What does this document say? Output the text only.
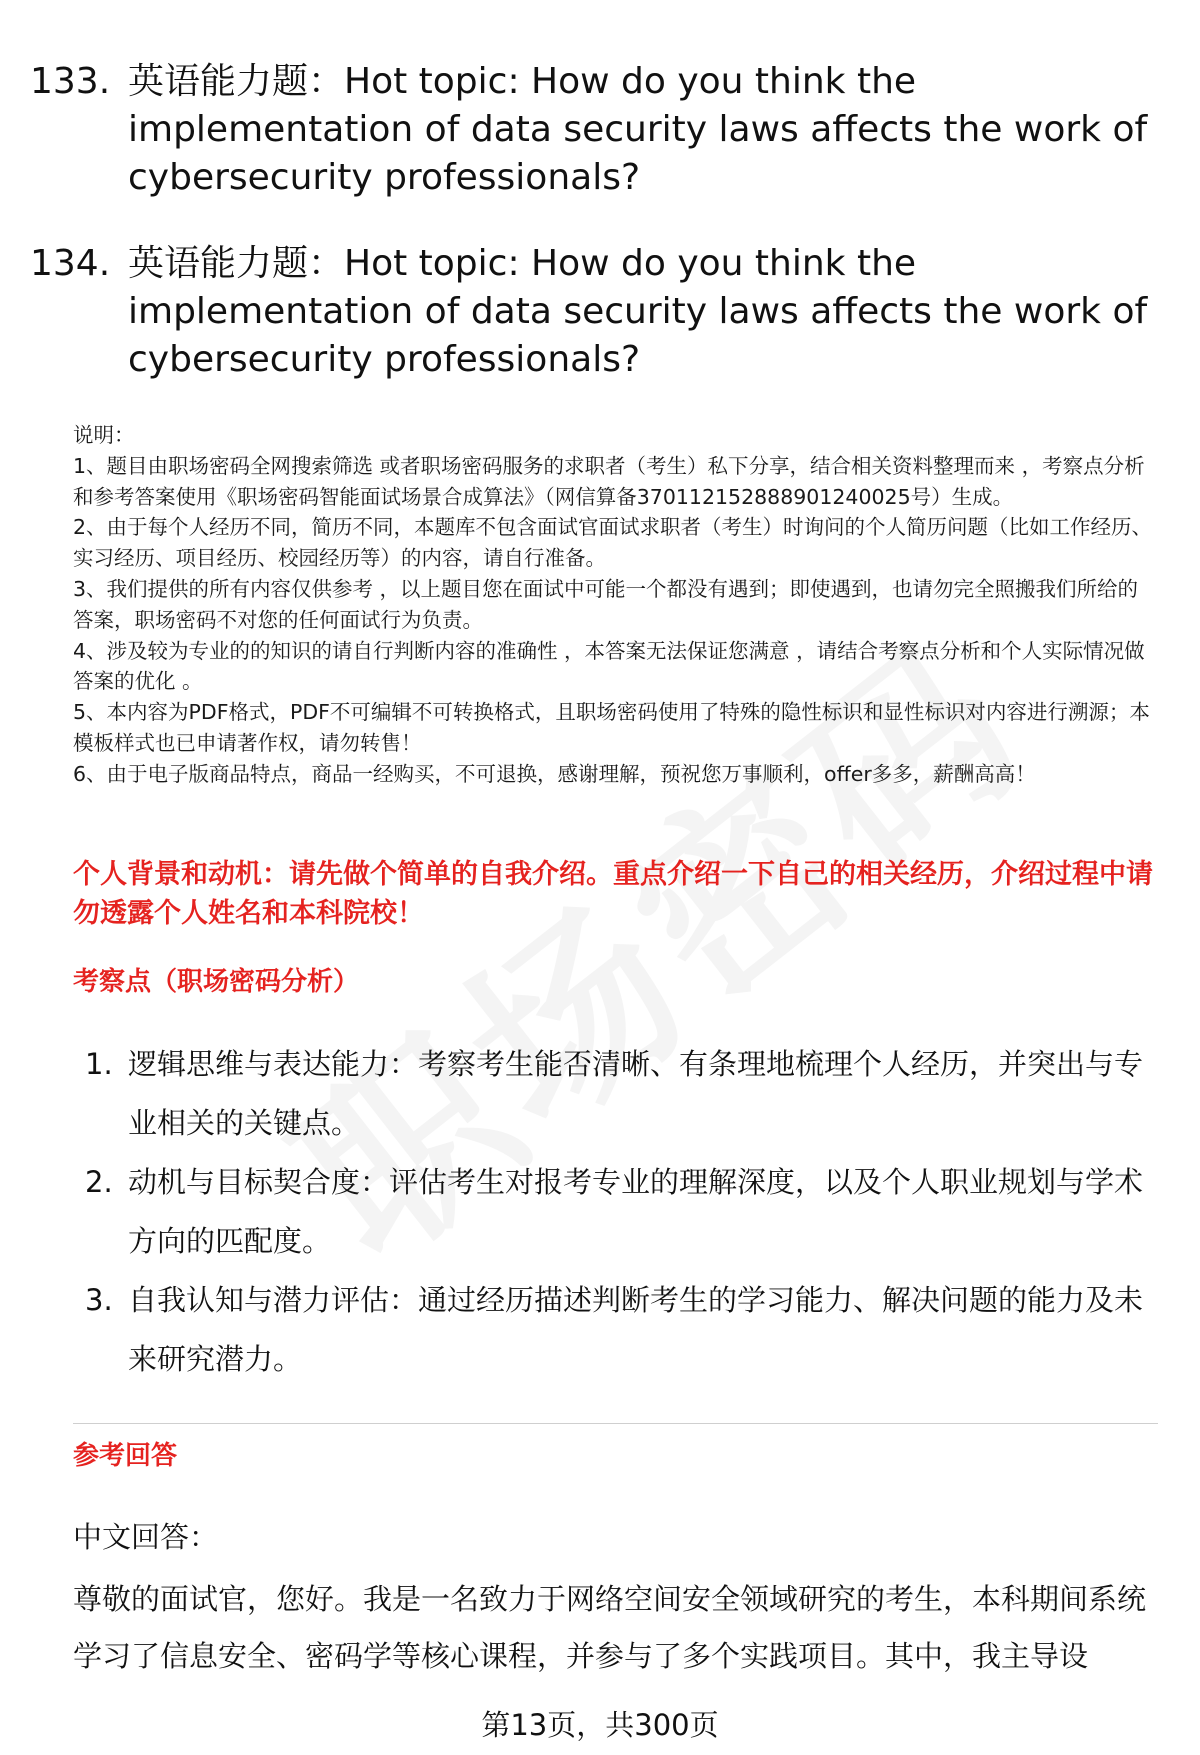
133. 英语能力题：Hot topic: How do you think the implementation of data security laws affects the work of cybersecurity professionals?
134. 英语能力题：Hot topic: How do you think the implementation of data security laws affects the work of cybersecurity professionals?

说明：

1、题目由职场密码全网搜索筛选 或者职场密码服务的求职者（考生）私下分享，结合相关资料整理而来 ，考察点分析和参考答案使用《职场密码智能面试场景合成算法》（网信算备370112152888901240025号）生成。

2、由于每个人经历不同，简历不同，本题库不包含面试官面试求职者（考生）时询问的个人简历问题（比如工作经历、实习经历、项目经历、校园经历等）的内容，请自行准备。

3、我们提供的所有内容仅供参考 ，以上题目您在面试中可能一个都没有遇到；即使遇到，也请勿完全照搬我们所给的答案，职场密码不对您的任何面试行为负责。

4、涉及较为专业的的知识的请自行判断内容的准确性 ，本答案无法保证您满意 ，请结合考察点分析和个人实际情况做答案的优化 。

5、本内容为PDF格式，PDF不可编辑不可转换格式，且职场密码使用了特殊的隐性标识和显性标识对内容进行溯源；本模板样式也已申请著作权，请勿转售！

6、由于电子版商品特点，商品一经购买，不可退换，感谢理解，预祝您万事顺利，offer多多，薪酬高高！

个人背景和动机：请先做个简单的自我介绍。重点介绍一下自己的相关经历，介绍过程中请勿透露个人姓名和本科院校！
考察点（职场密码分析）
1. 逻辑思维与表达能力：考察考生能否清晰、有条理地梳理个人经历，并突出与专业相关的关键点。
2. 动机与目标契合度：评估考生对报考专业的理解深度，以及个人职业规划与学术方向的匹配度。
3. 自我认知与潜力评估：通过经历描述判断考生的学习能力、解决问题的能力及未来研究潜力。
参考回答
中文回答：
尊敬的面试官，您好。我是一名致力于网络空间安全领域研究的考生，本科期间系统学习了信息安全、密码学等核心课程，并参与了多个实践项目。其中，我主导设
第13页，共300页
